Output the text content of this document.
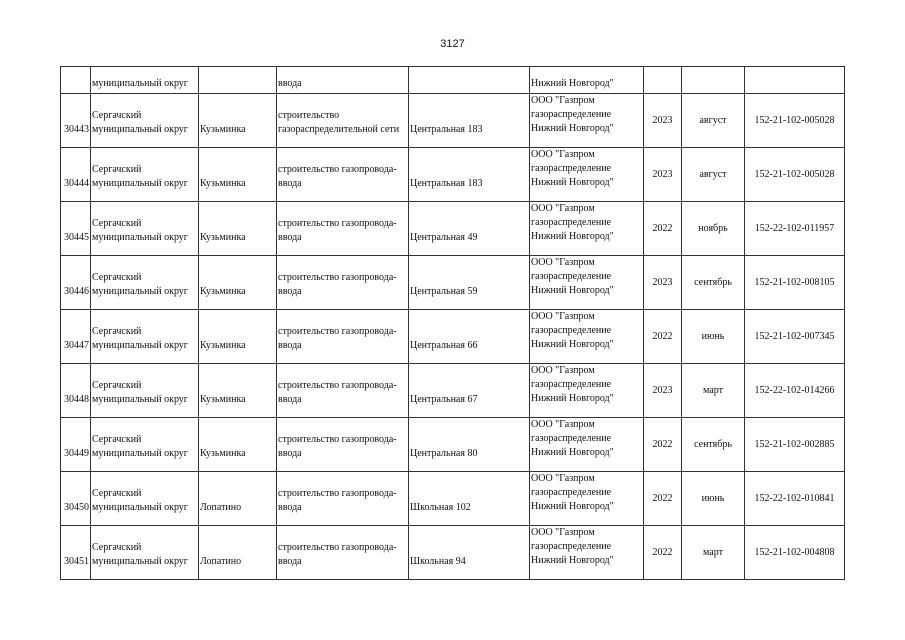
3127

	муниципальный округ		ввода		Нижний Новгород"			

30443	Сергачский
муниципальный округ	Кузьминка	строительство
газораспределительной сети	Центральная 183	ООО "Газпром
газораспределение
Нижний Новгород"	2023	август	152-21-102-005028

30444	Сергачский
муниципальный округ	Кузьминка	строительство газопровода-
ввода	Центральная 183	ООО "Газпром
газораспределение
Нижний Новгород"	2023	август	152-21-102-005028

30445	Сергачский
муниципальный округ	Кузьминка	строительство газопровода-
ввода	Центральная 49	ООО "Газпром
газораспределение
Нижний Новгород"	2022	ноябрь	152-22-102-011957

30446	Сергачский
муниципальный округ	Кузьминка	строительство газопровода-
ввода	Центральная 59	ООО "Газпром
газораспределение
Нижний Новгород"	2023	сентябрь	152-21-102-008105

30447	Сергачский
муниципальный округ	Кузьминка	строительство газопровода-
ввода	Центральная 66	ООО "Газпром
газораспределение
Нижний Новгород"	2022	июнь	152-21-102-007345

30448	Сергачский
муниципальный округ	Кузьминка	строительство газопровода-
ввода	Центральная 67	ООО "Газпром
газораспределение
Нижний Новгород"	2023	март	152-22-102-014266

30449	Сергачский
муниципальный округ	Кузьминка	строительство газопровода-
ввода	Центральная 80	ООО "Газпром
газораспределение
Нижний Новгород"	2022	сентябрь	152-21-102-002885

30450	Сергачский
муниципальный округ	Лопатино	строительство газопровода-
ввода	Школьная 102	ООО "Газпром
газораспределение
Нижний Новгород"	2022	июнь	152-22-102-010841

30451	Сергачский
муниципальный округ	Лопатино	строительство газопровода-
ввода	Школьная 94	ООО "Газпром
газораспределение
Нижний Новгород"	2022	март	152-21-102-004808
